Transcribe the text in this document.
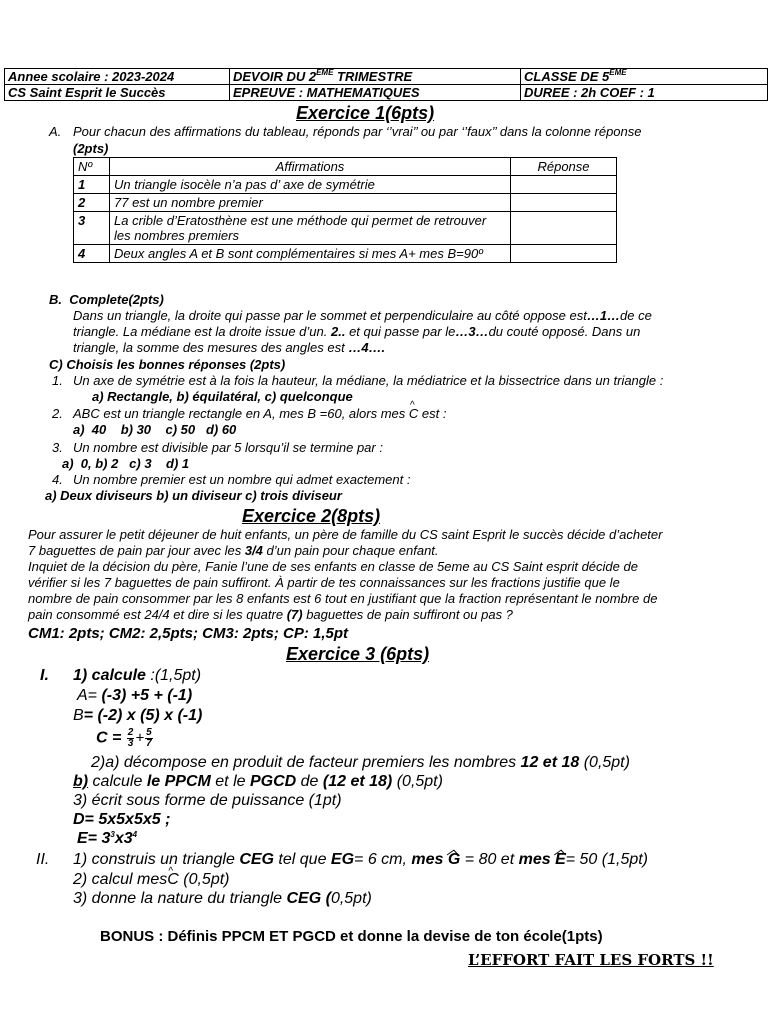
Annee scolaire : 2023-2024	DEVOIR DU 2EME TRIMESTRE	CLASSE DE 5EME
CS Saint Esprit le Succès	EPREUVE : MATHEMATIQUES	DUREE : 2h COEF : 1
Exercice 1(6pts)
A. Pour chacun des affirmations du tableau, réponds par ‘’vrai’’ ou par ‘’faux’’ dans la colonne réponse
(2pts)
Nº	Affirmations	Réponse
1	Un triangle isocèle n’a pas d’ axe de symétrie	
2	77 est un nombre premier	
3	La crible d’Eratosthène est une méthode qui permet de retrouver les nombres premiers	
4	Deux angles A et B sont complémentaires si mes A+ mes B=90º	
B. Complete(2pts)
Dans un triangle, la droite qui passe par le sommet et perpendiculaire au côté oppose est…1…de ce
triangle. La médiane est la droite issue d’un. 2.. et qui passe par le…3…du couté opposé. Dans un
triangle, la somme des mesures des angles est …4….
C) Choisis les bonnes réponses (2pts)
1. Un axe de symétrie est à la fois la hauteur, la médiane, la médiatrice et la bissectrice dans un triangle :
a) Rectangle, b) équilatéral, c) quelconque
2. ABC est un triangle rectangle en A, mes ‾ B =60, alors mes ^ C est :
a)  40    b) 30    c) 50   d) 60
3. Un nombre est divisible par 5 lorsqu’il se termine par :
a)  0, b) 2   c) 3    d) 1
4. Un nombre premier est un nombre qui admet exactement :
a) Deux diviseurs b) un diviseur c) trois diviseur
Exercice 2(8pts)
Pour assurer le petit déjeuner de huit enfants, un père de famille du CS saint Esprit le succès décide d’acheter
7 baguettes de pain par jour avec les 3/4 d’un pain pour chaque enfant.
Inquiet de la décision du père, Fanie l’une de ses enfants en classe de 5eme au CS Saint esprit décide de
vérifier si les 7 baguettes de pain suffiront. À partir de tes connaissances sur les fractions justifie que le
nombre de pain consommer par les 8 enfants est 6 tout en justifiant que la fraction représentant le nombre de
pain consommé est 24/4 et dire si les quatre (7) baguettes de pain suffiront ou pas ?
CM1: 2pts; CM2: 2,5pts; CM3: 2pts; CP: 1,5pt
Exercice 3 (6pts)
I. 1) calcule :(1,5pt)
A= (-3) +5 + (-1)
B= (-2) x (5) x (-1)
$C = \frac{2}{3} + \frac{5}{7}$
2)a) décompose en produit de facteur premiers les nombres 12 et 18 (0,5pt)
b) calcule le PPCM et le PGCD de (12 et 18) (0,5pt)
3) écrit sous forme de puissance (1pt)
D= 5x5x5x5 ;
$E= 3^3x3^4$
II. 1) construis un triangle CEG tel que EG= 6 cm, mes ︿ G = 80 et mes ︿ E= 50 (1,5pt)
2) calcul mes^ C (0,5pt)
3) donne la nature du triangle CEG (0,5pt)
BONUS : Définis PPCM ET PGCD et donne la devise de ton école(1pts)
L’EFFORT FAIT LES FORTS !!
